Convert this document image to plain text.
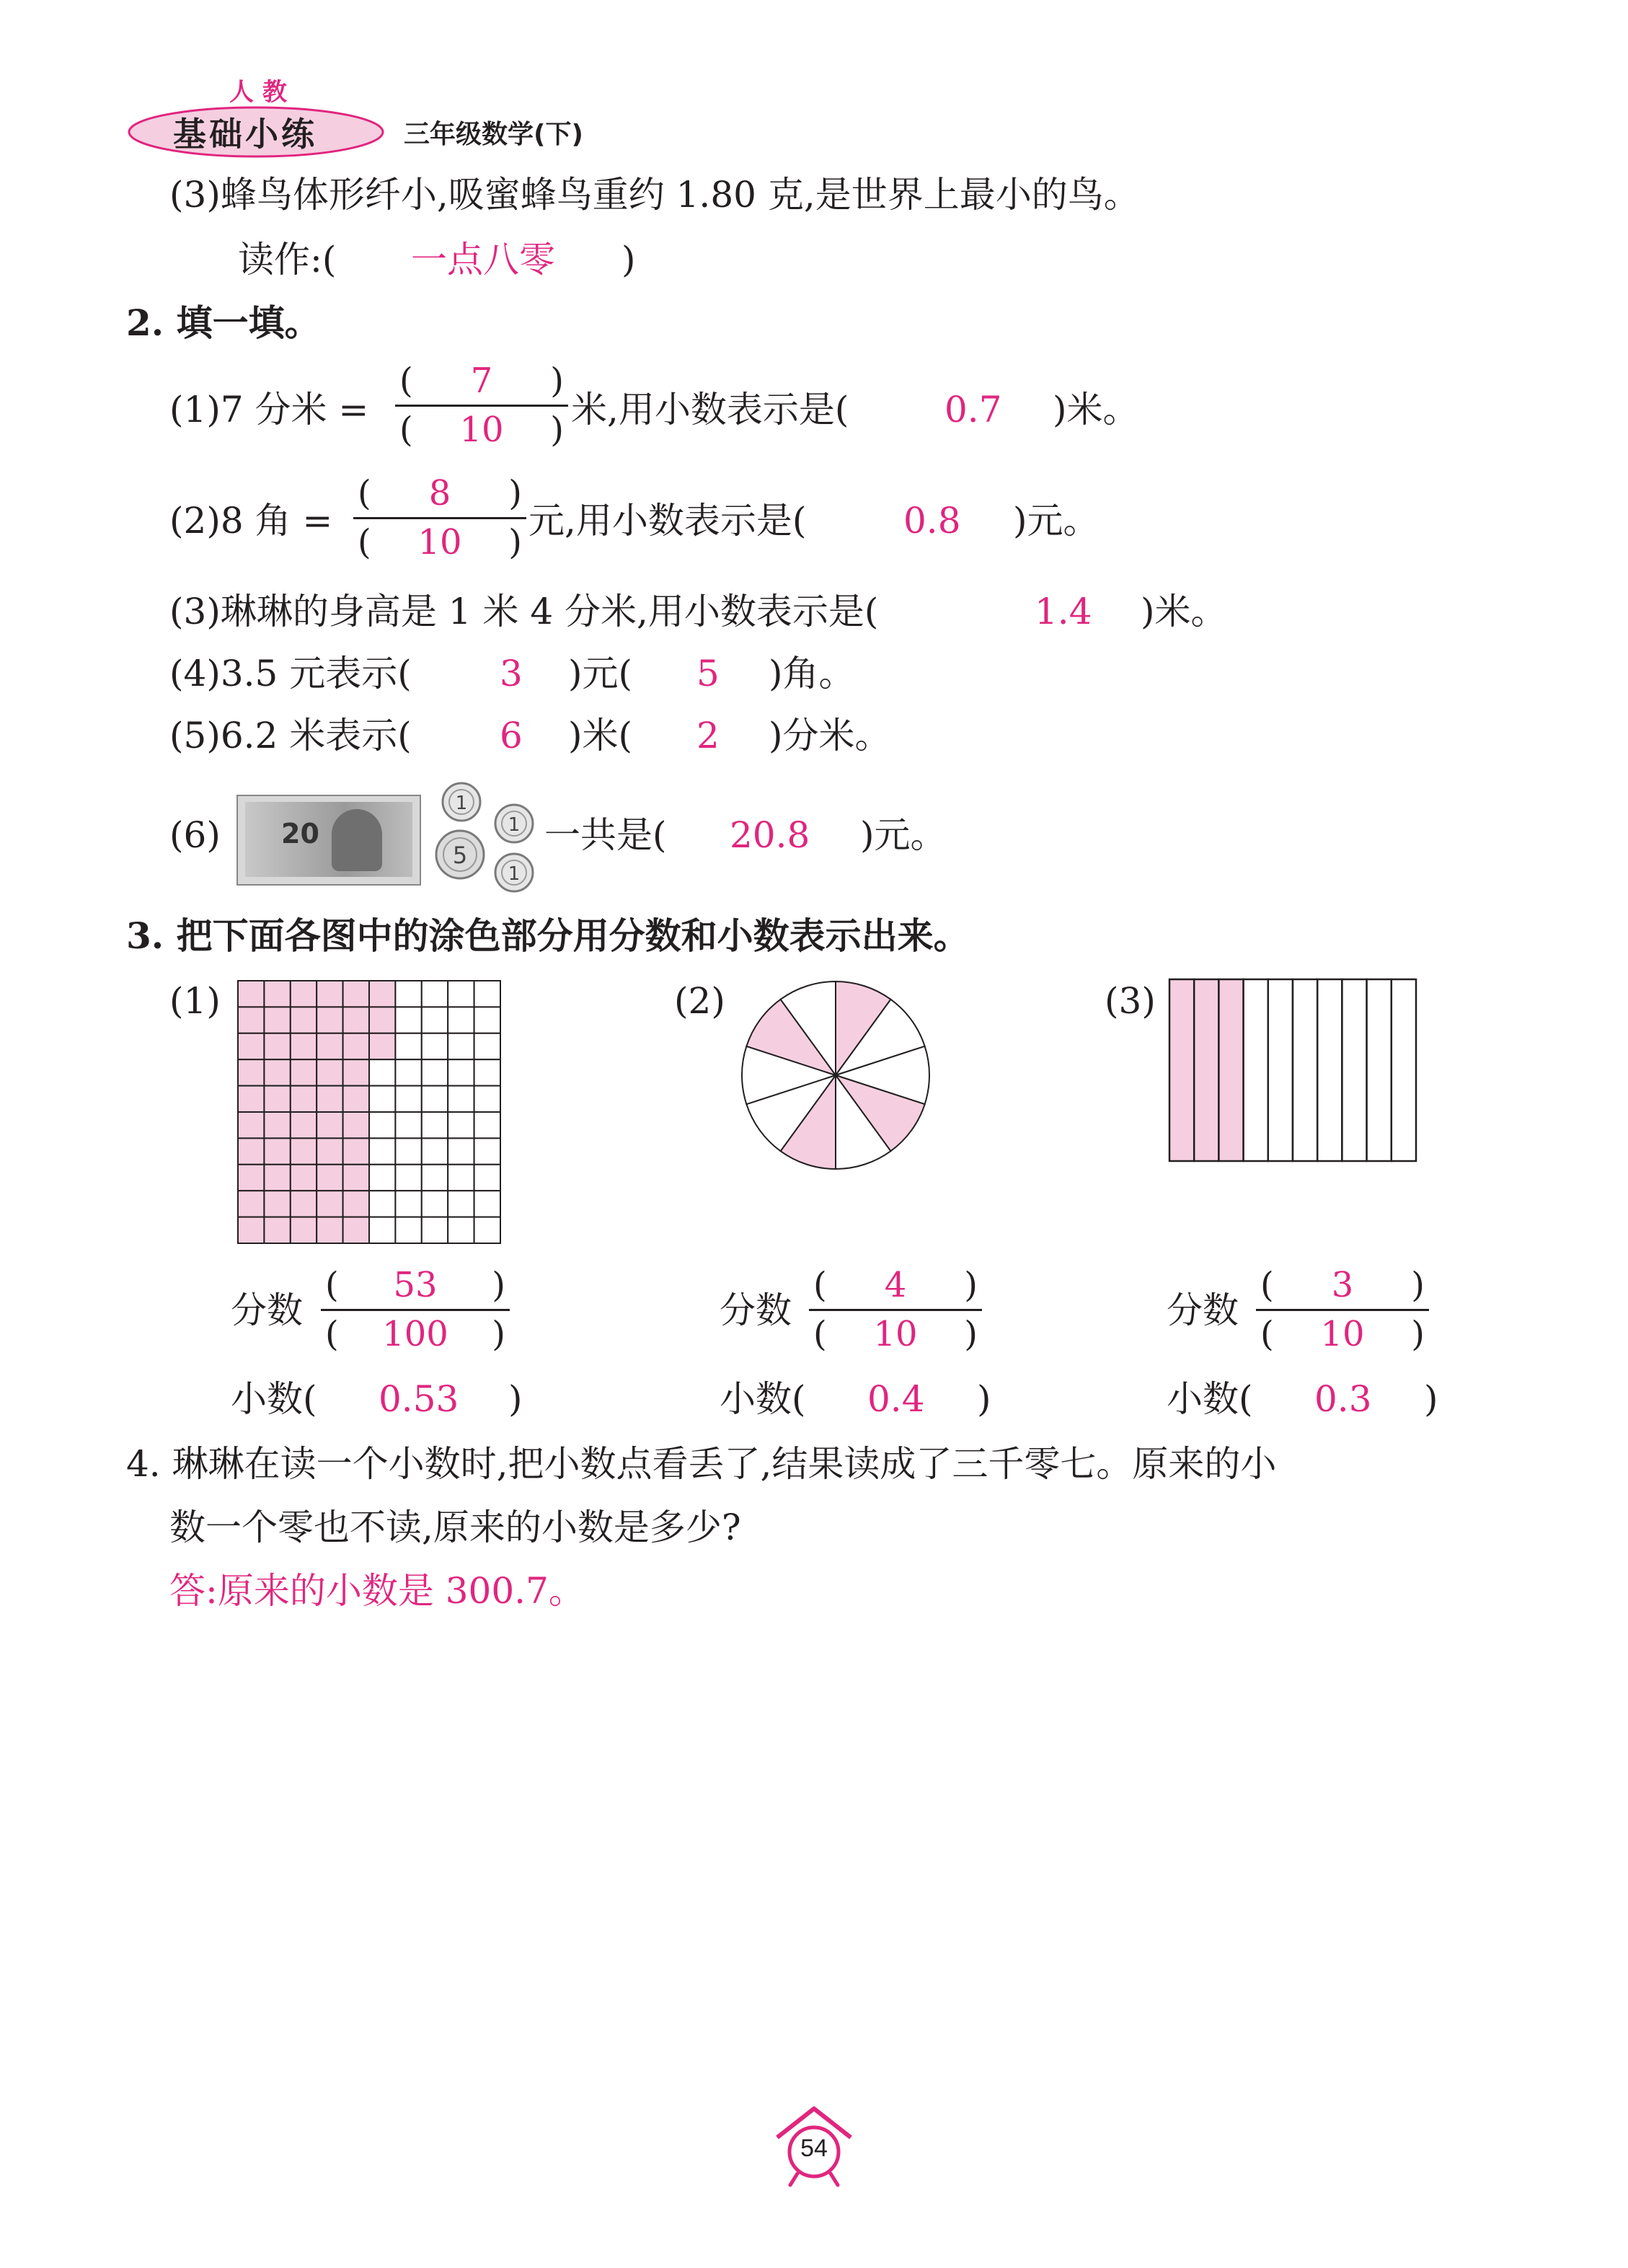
人 教
基础小练	三年级数学(下)
(3)蜂鸟体形纤小,吸蜜蜂鸟重约 1.80 克,是世界上最小的鸟。
读作:( 一点八零 )
2. 填一填。
(1)7 分米 =
(	7	)
(	10	) 米,用小数表示是(	0.7 )米。
(2)8 角 =
(	8	)
(	10	)
元,用小数表示是(	0.8 )元。
(3)琳琳的身高是 1 米 4 分米,用小数表示是(	1.4 )米。
(4)3.5 元表示( 3 )元( 5 )角。
(5)6.2 米表示( 6 )米( 2 )分米。
(6) 20
1
1
5
1
一共是( 20.8 )元。
3. 把下面各图中的涂色部分用分数和小数表示出来。
(1)	(2)	(3)
分数
(	53	)
(	100	)
小数( 0.53 )
分数
(	4	)
(	10	)
小数( 0.4 )
分数
(	3	)
(	10	)
小数( 0.3 )
4. 琳琳在读一个小数时,把小数点看丢了,结果读成了三千零七。原来的小
数一个零也不读,原来的小数是多少?
答:原来的小数是 300.7。
54
